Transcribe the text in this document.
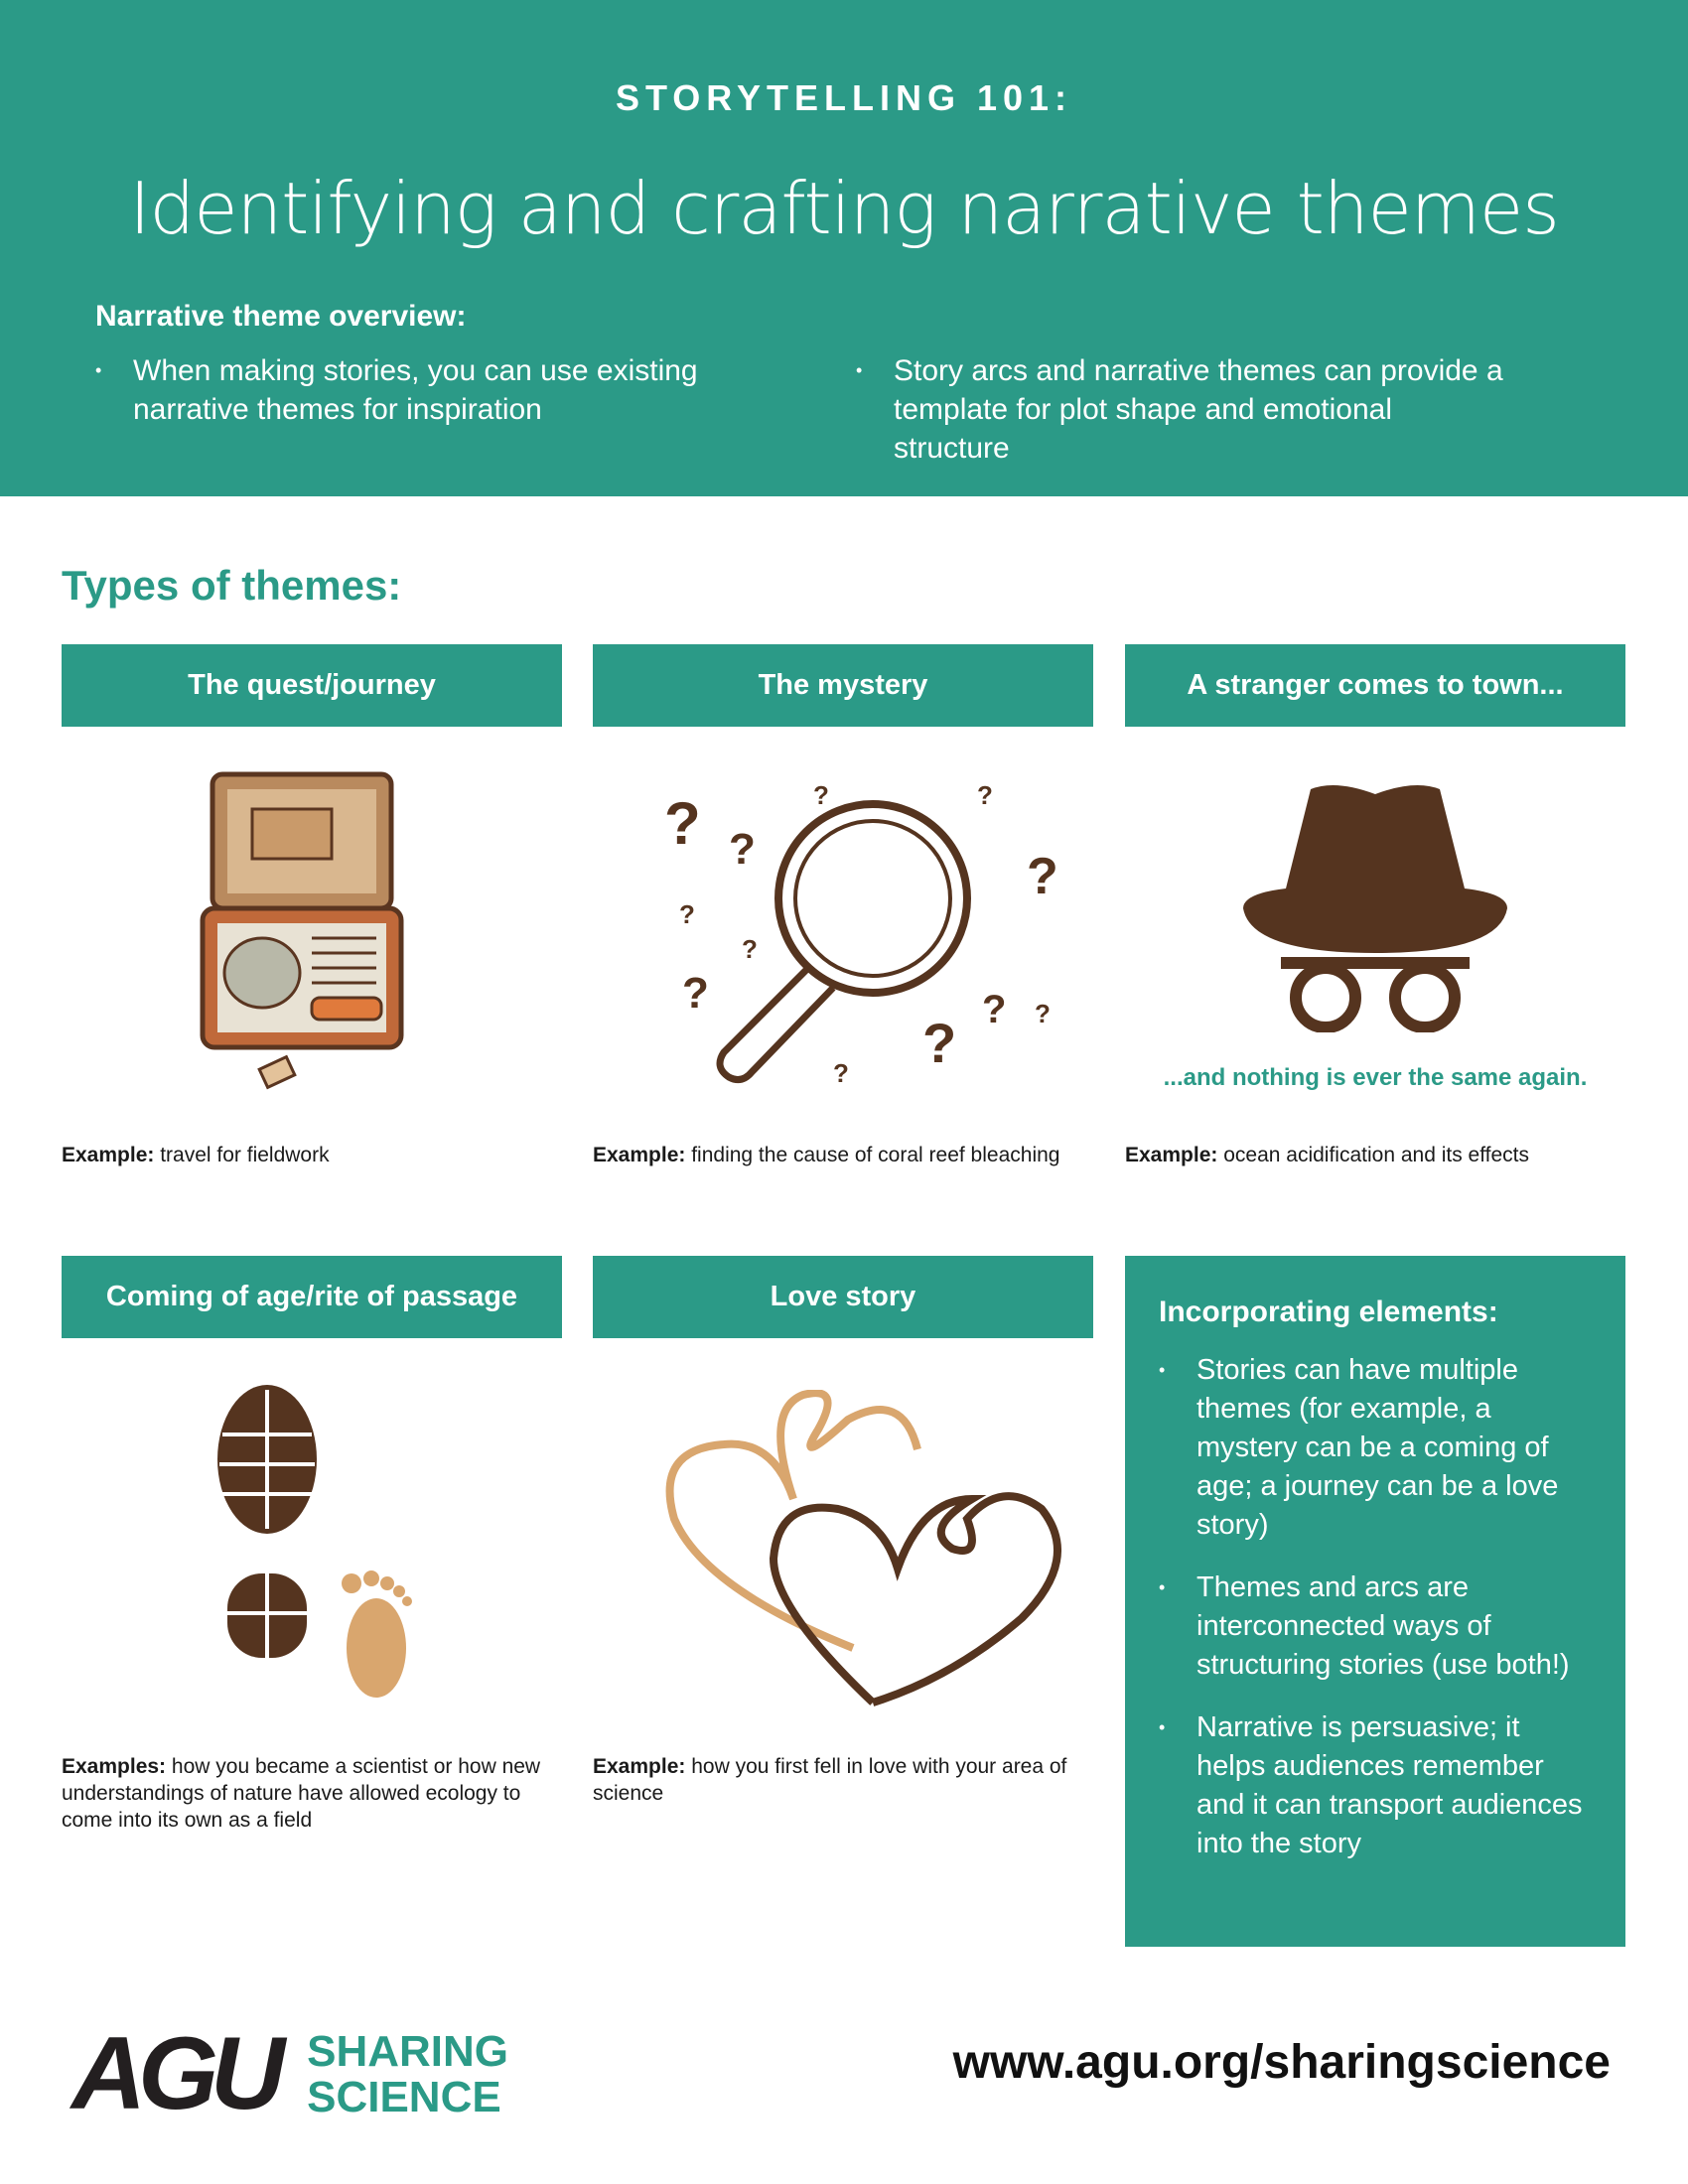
STORYTELLING 101:
Identifying and crafting narrative themes
Narrative theme overview:
• When making stories, you can use existing narrative themes for inspiration
• Story arcs and narrative themes can provide a template for plot shape and emotional structure
Types of themes:
The quest/journey	The mystery	A stranger comes to town...
? ?
?	?
?
?
?
?	? ?
?
?	...and nothing is ever the same again.
Example: travel for fieldwork	Example: finding the cause of coral reef bleaching	Example: ocean acidification and its effects
Coming of age/rite of passage	Love story
Examples: how you became a scientist or how new understandings of nature have allowed ecology to come into its own as a field
Example: how you first fell in love with your area of science
Incorporating elements:
• Stories can have multiple themes (for example, a mystery can be a coming of age; a journey can be a love story)
• Themes and arcs are interconnected ways of structuring stories (use both!)
• Narrative is persuasive; it helps audiences remember and it can transport audiences into the story
AGU SHARING
SCIENCE
www.agu.org/sharingscience
